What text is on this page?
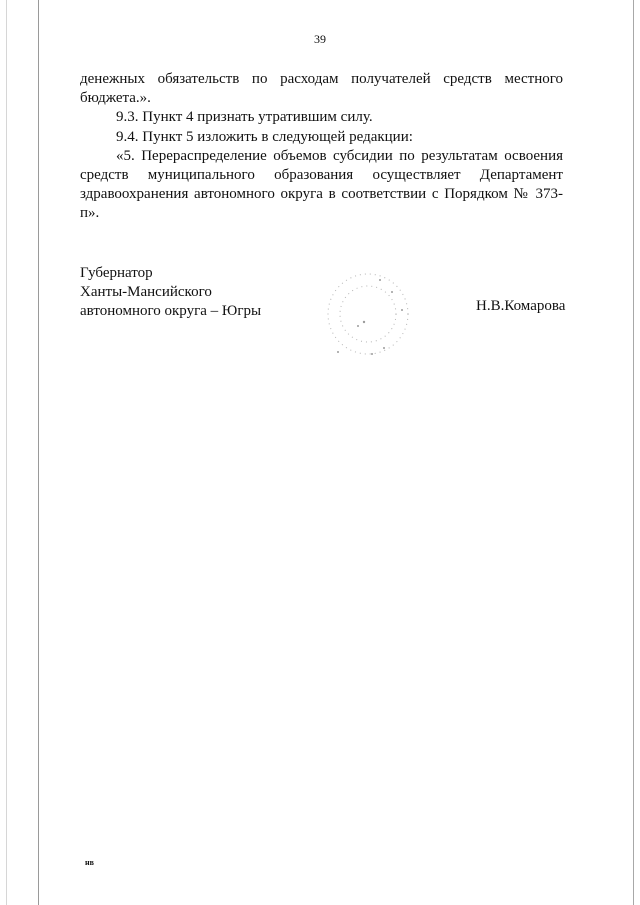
39

денежных обязательств по расходам получателей средств местного бюджета.».

9.3. Пункт 4 признать утратившим силу.

9.4. Пункт 5 изложить в следующей редакции:

«5. Перераспределение объемов субсидии по результатам освоения средств муниципального образования осуществляет Департамент здравоохранения автономного округа в соответствии с Порядком № 373-п».

Губернатор
Ханты-Мансийского
автономного округа – Югры	Н.В.Комарова
нв
